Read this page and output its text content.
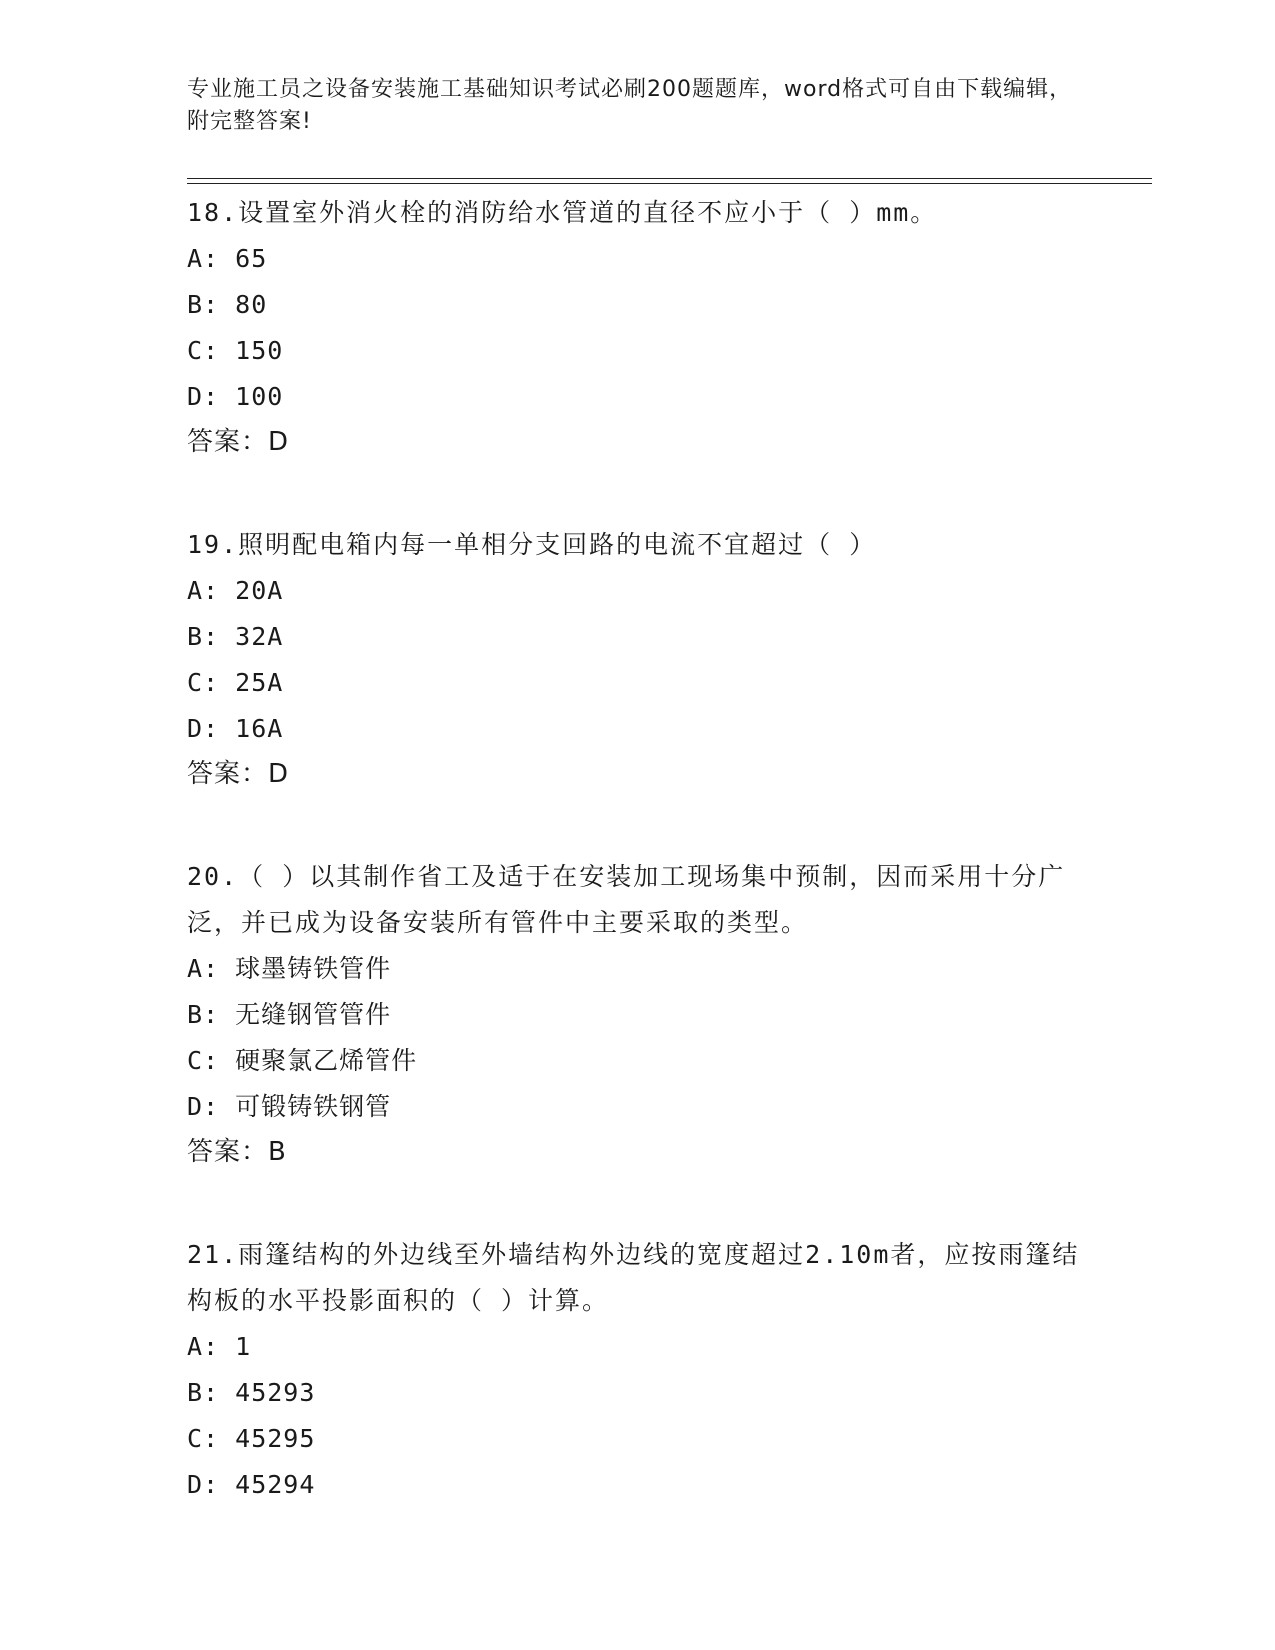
专业施工员之设备安装施工基础知识考试必刷200题题库，word格式可自由下载编辑，附完整答案!
18.设置室外消火栓的消防给水管道的直径不应小于（ ）mm。
A: 65
B: 80
C: 150
D: 100
答案：D
19.照明配电箱内每一单相分支回路的电流不宜超过（ ）
A: 20A
B: 32A
C: 25A
D: 16A
答案：D
20.（ ）以其制作省工及适于在安装加工现场集中预制，因而采用十分广泛，并已成为设备安装所有管件中主要采取的类型。
A: 球墨铸铁管件
B: 无缝钢管管件
C: 硬聚氯乙烯管件
D: 可锻铸铁钢管
答案：B
21.雨篷结构的外边线至外墙结构外边线的宽度超过2.10m者，应按雨篷结构板的水平投影面积的（ ）计算。
A: 1
B: 45293
C: 45295
D: 45294
